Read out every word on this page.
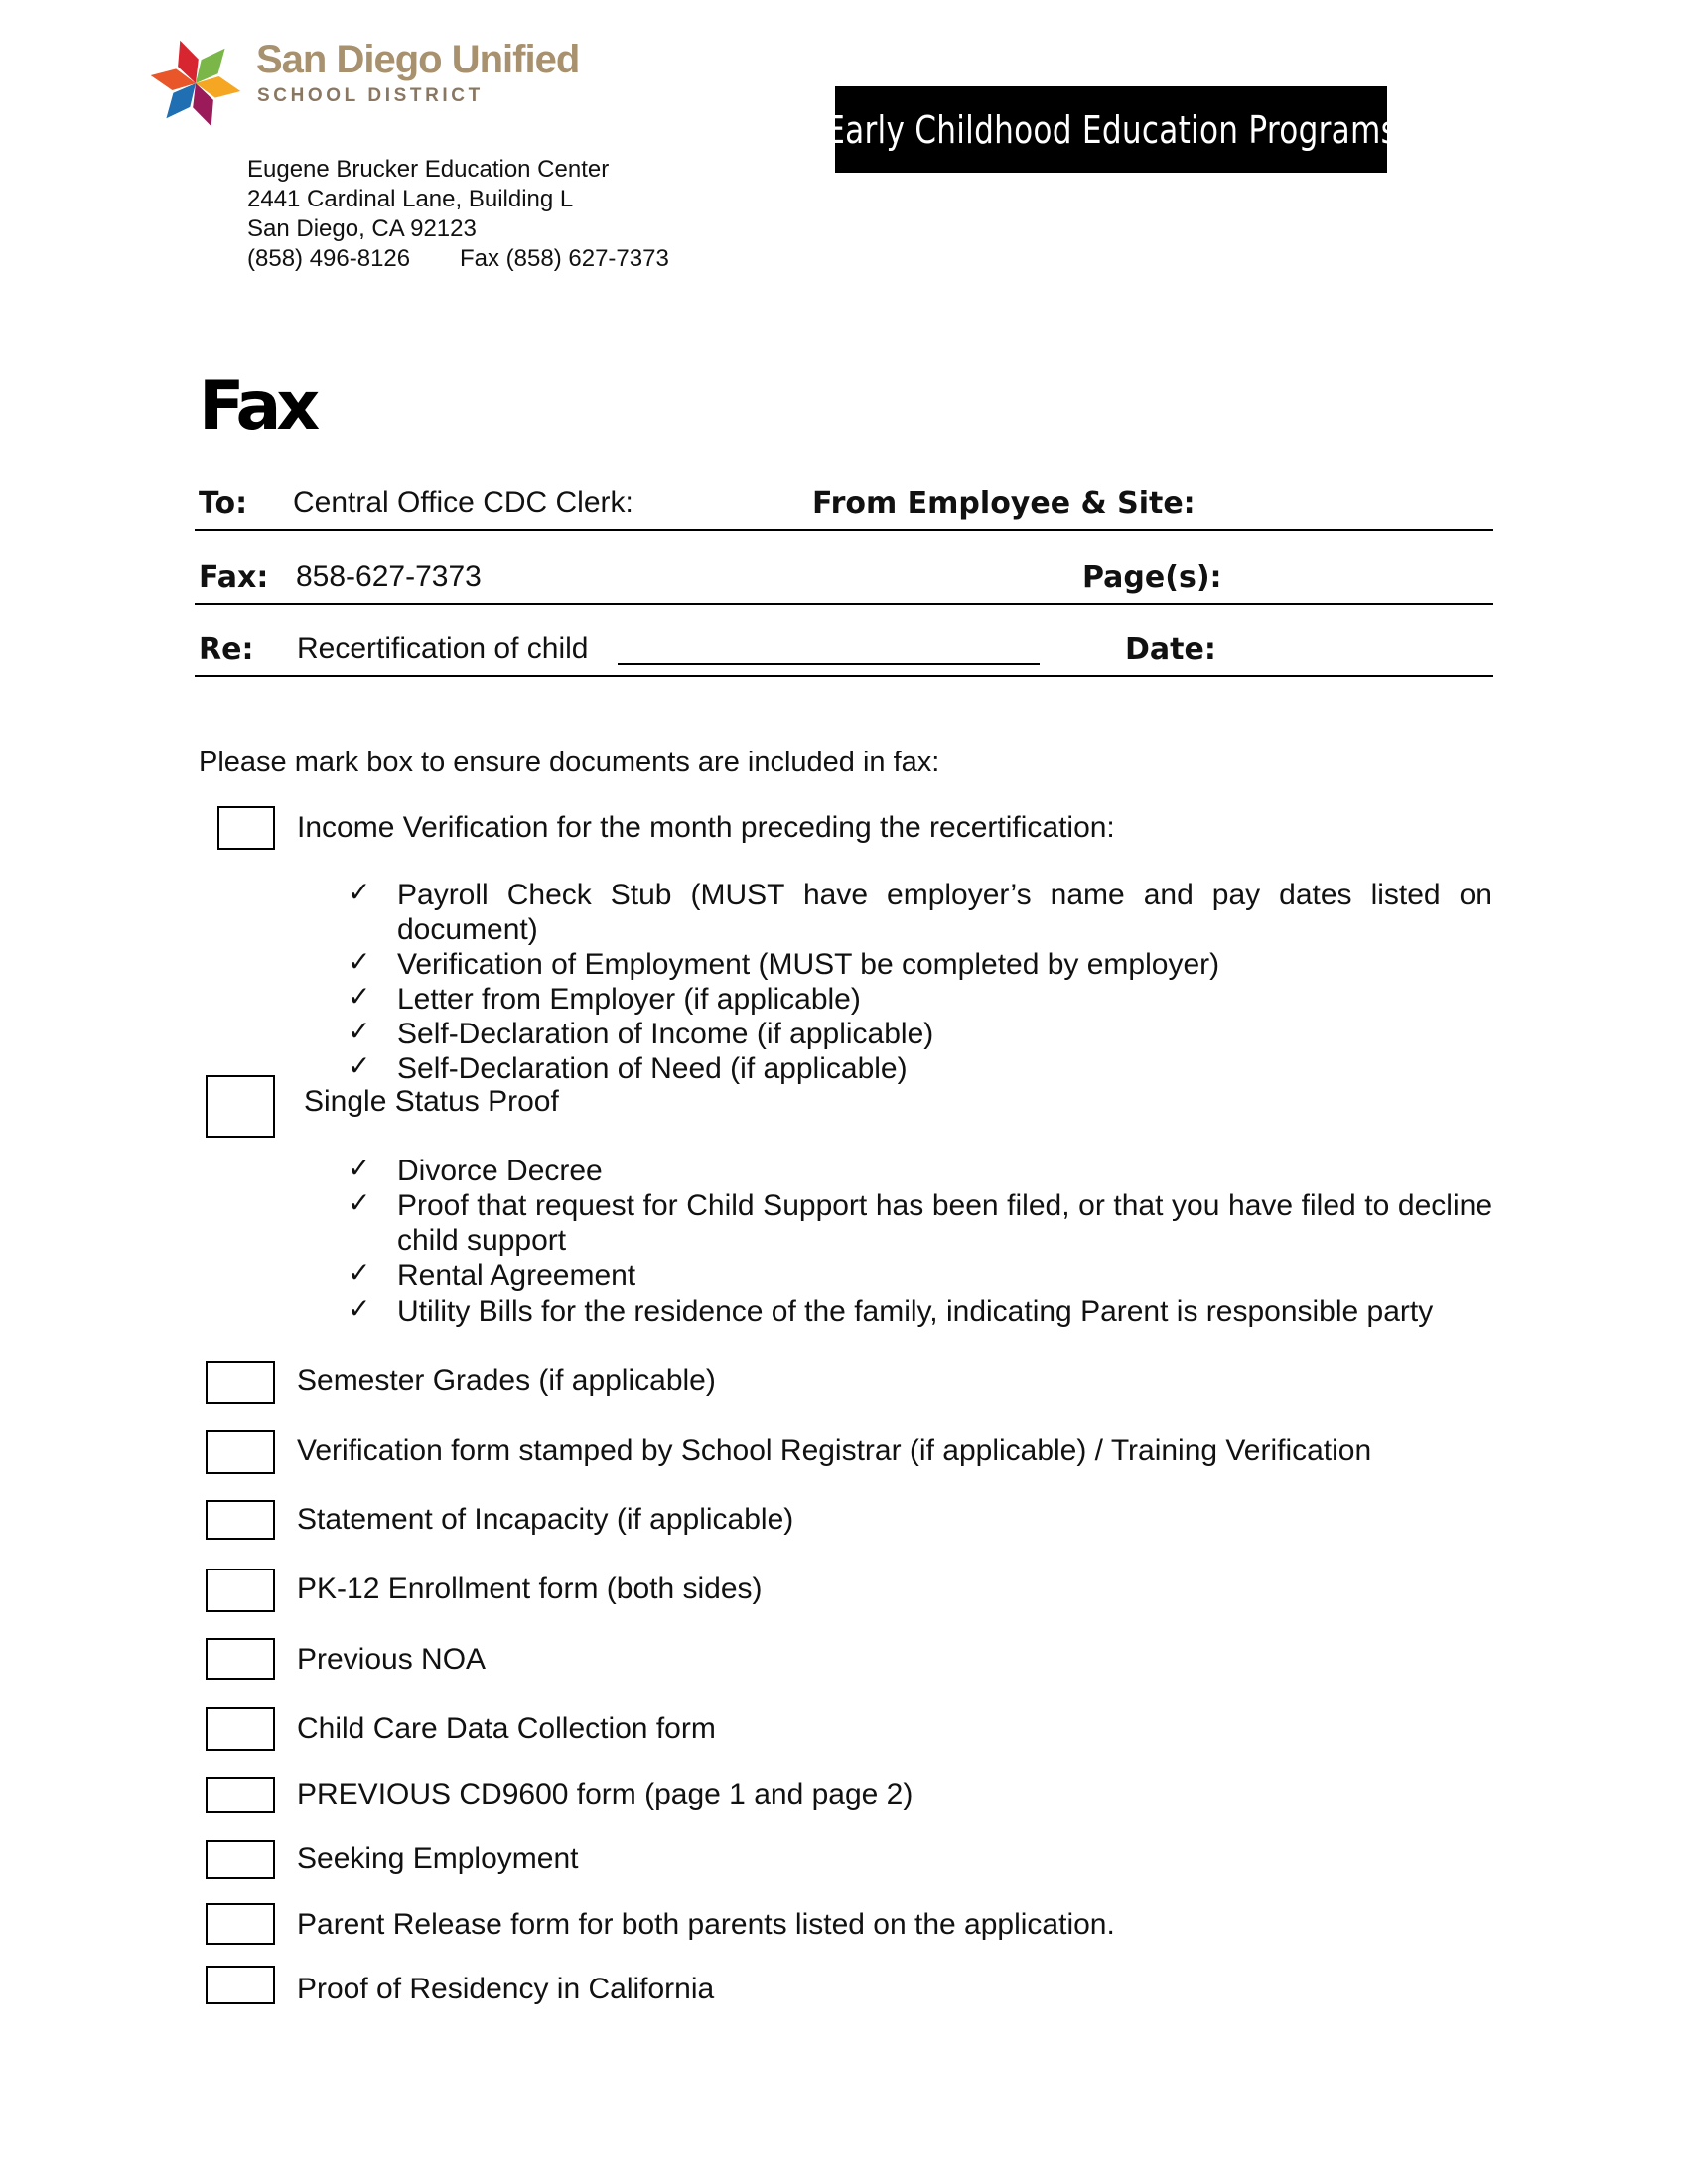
San Diego Unified
SCHOOL DISTRICT
Early Childhood Education Programs
Eugene Brucker Education Center
2441 Cardinal Lane, Building L
San Diego, CA 92123
(858) 496-8126 Fax (858) 627-7373
Fax
To: Central Office CDC Clerk:	From Employee & Site:
Fax: 858-627-7373	Page(s):
Re: Recertification of child	Date:
Please mark box to ensure documents are included in fax:
Income Verification for the month preceding the recertification:
✓ Payroll Check Stub (MUST have employer’s name and pay dates listed on
document)
✓ Verification of Employment (MUST be completed by employer)
✓ Letter from Employer (if applicable)
✓ Self-Declaration of Income (if applicable)
✓ Self-Declaration of Need (if applicable)
Single Status Proof
✓ Divorce Decree
✓ Proof that request for Child Support has been filed, or that you have filed to decline
child support
✓ Rental Agreement
✓ Utility Bills for the residence of the family, indicating Parent is responsible party
Semester Grades (if applicable)
Verification form stamped by School Registrar (if applicable) / Training Verification
Statement of Incapacity (if applicable)
PK-12 Enrollment form (both sides)
Previous NOA
Child Care Data Collection form
PREVIOUS CD9600 form (page 1 and page 2)
Seeking Employment
Parent Release form for both parents listed on the application.
Proof of Residency in California
